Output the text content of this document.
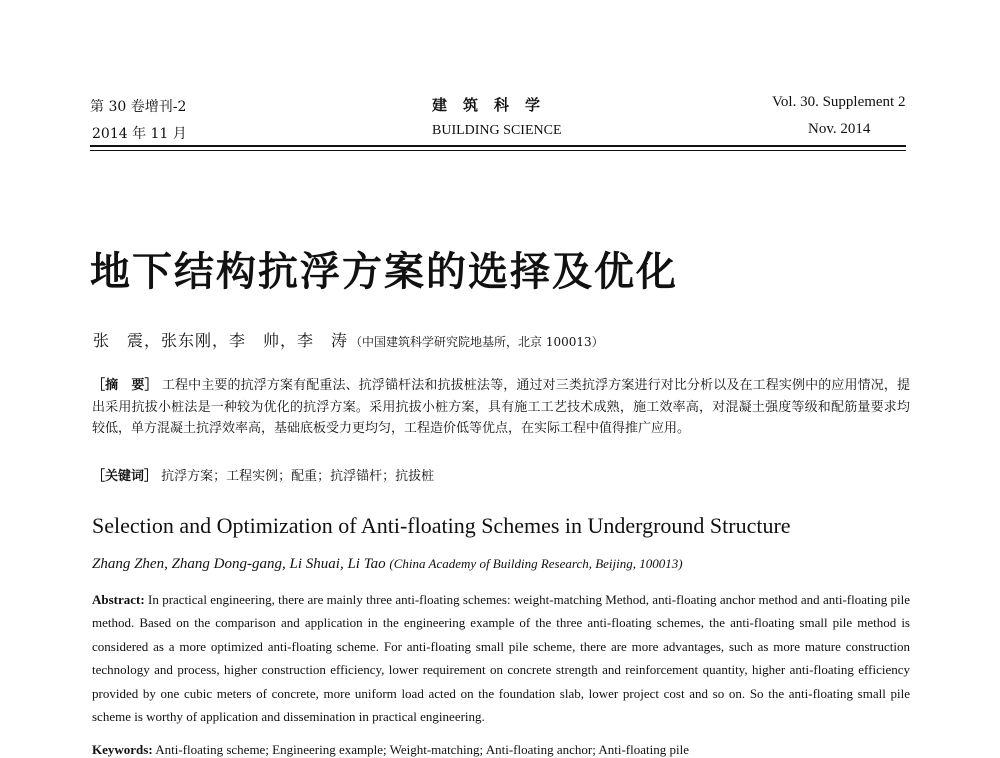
第 30 卷增刊-2
2014 年 11 月
建筑科学
BUILDING SCIENCE
Vol. 30. Supplement 2
Nov. 2014
地下结构抗浮方案的选择及优化
张　震，张东刚，李　帅，李　涛 （中国建筑科学研究院地基所，北京 100013）
［摘　要］ 工程中主要的抗浮方案有配重法、抗浮锚杆法和抗拔桩法等，通过对三类抗浮方案进行对比分析以及在工程实例中的应用情况，提出采用抗拔小桩法是一种较为优化的抗浮方案。采用抗拔小桩方案，具有施工工艺技术成熟，施工效率高，对混凝土强度等级和配筋量要求均较低，单方混凝土抗浮效率高，基础底板受力更均匀，工程造价低等优点，在实际工程中值得推广应用。
［关键词］ 抗浮方案；工程实例；配重；抗浮锚杆；抗拔桩
Selection and Optimization of Anti-floating Schemes in Underground Structure
Zhang Zhen, Zhang Dong-gang, Li Shuai, Li Tao (China Academy of Building Research, Beijing, 100013)
Abstract: In practical engineering, there are mainly three anti-floating schemes: weight-matching Method, anti-floating anchor method and anti-floating pile method. Based on the comparison and application in the engineering example of the three anti-floating schemes, the anti-floating small pile method is considered as a more optimized anti-floating scheme. For anti-floating small pile scheme, there are more advantages, such as more mature construction technology and process, higher construction efficiency, lower requirement on concrete strength and reinforcement quantity, higher anti-floating efficiency provided by one cubic meters of concrete, more uniform load acted on the foundation slab, lower project cost and so on. So the anti-floating small pile scheme is worthy of application and dissemination in practical engineering.
Keywords: Anti-floating scheme; Engineering example; Weight-matching; Anti-floating anchor; Anti-floating pile
